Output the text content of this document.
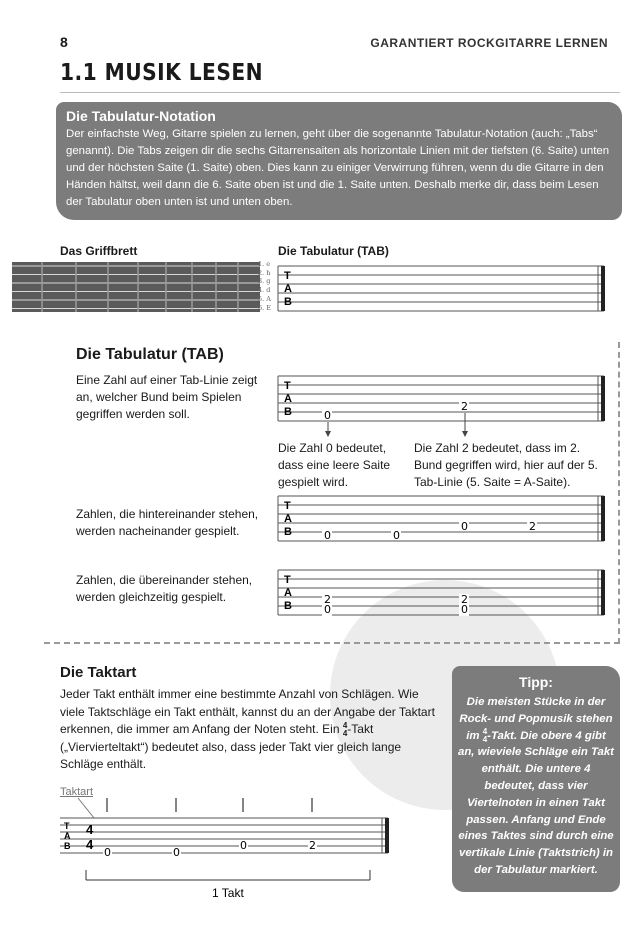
8	GARANTIERT ROCKGITARRE LERNEN
1.1 MUSIK LESEN
Die Tabulatur-Notation

Der einfachste Weg, Gitarre spielen zu lernen, geht über die sogenannte Tabulatur-Notation (auch: „Tabs“ genannt). Die Tabs zeigen dir die sechs Gitarrensaiten als horizontale Linien mit der tiefsten (6. Saite) unten und der höchsten Saite (1. Saite) oben. Dies kann zu einiger Verwirrung führen, wenn du die Gitarre in den Händen hältst, weil dann die 6. Saite oben ist und die 1. Saite unten. Deshalb merke dir, dass beim Lesen der Tabulatur oben unten ist und unten oben.

Das Griffbrett	Die Tabulatur (TAB)
1. e
2. h
3. g
4. d
5. A
6. E
T
A
B
Die Tabulatur (TAB)
Eine Zahl auf einer Tab-Linie zeigt an, welcher Bund beim Spielen gegriffen werden soll.
T
A
B	0
2
Die Zahl 0 bedeutet, dass eine leere Saite gespielt wird.
Die Zahl 2 bedeutet, dass im 2. Bund gegriffen wird, hier auf der 5. Tab-Linie (5. Saite = A-Saite).
Zahlen, die hintereinander stehen, werden nacheinander gespielt.
T
A
B	0	0
0	2
Zahlen, die übereinander stehen, werden gleichzeitig gespielt.
T
A
B	2
0
2
0
Die Taktart
Jeder Takt enthält immer eine bestimmte Anzahl von Schlägen. Wie viele Taktschläge ein Takt enthält, kannst du an der Angabe der Taktart erkennen, die immer am Anfang der Noten steht. Ein 4
4-Takt („Viervierteltakt“) bedeutet also, dass jeder Takt vier gleich lange Schläge enthält.
Taktart
T
A
B
4
4
0	0
0	2
1 Takt
Tipp:
Die meisten Stücke in der Rock- und Popmusik stehen im 4
4-Takt. Die obere 4 gibt an, wieviele Schläge ein Takt enthält. Die untere 4 bedeutet, dass vier Viertelnoten in einen Takt passen. Anfang und Ende eines Taktes sind durch eine vertikale Linie (Taktstrich) in der Tabulatur markiert.
